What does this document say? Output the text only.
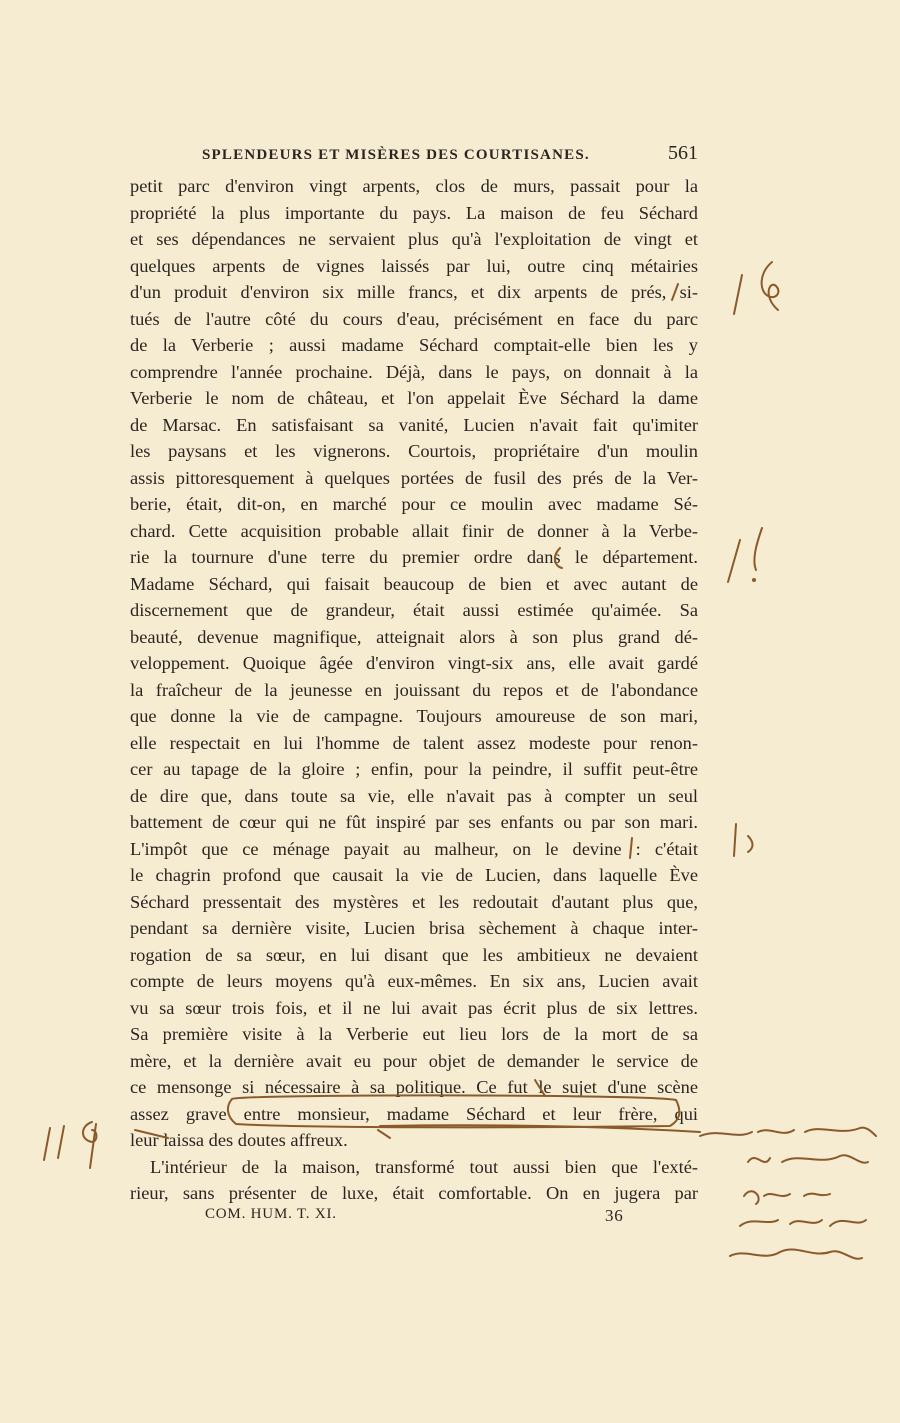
SPLENDEURS ET MISÈRES DES COURTISANES.	561
petit parc d'environ vingt arpents, clos de murs, passait pour la
propriété la plus importante du pays. La maison de feu Séchard
et ses dépendances ne servaient plus qu'à l'exploitation de vingt et
quelques arpents de vignes laissés par lui, outre cinq métairies
d'un produit d'environ six mille francs, et dix arpents de prés, si-
tués de l'autre côté du cours d'eau, précisément en face du parc
de la Verberie ; aussi madame Séchard comptait-elle bien les y
comprendre l'année prochaine. Déjà, dans le pays, on donnait à la
Verberie le nom de château, et l'on appelait Ève Séchard la dame
de Marsac. En satisfaisant sa vanité, Lucien n'avait fait qu'imiter
les paysans et les vignerons. Courtois, propriétaire d'un moulin
assis pittoresquement à quelques portées de fusil des prés de la Ver-
berie, était, dit-on, en marché pour ce moulin avec madame Sé-
chard. Cette acquisition probable allait finir de donner à la Verbe-
rie la tournure d'une terre du premier ordre dans le département.
Madame Séchard, qui faisait beaucoup de bien et avec autant de
discernement que de grandeur, était aussi estimée qu'aimée. Sa
beauté, devenue magnifique, atteignait alors à son plus grand dé-
veloppement. Quoique âgée d'environ vingt-six ans, elle avait gardé
la fraîcheur de la jeunesse en jouissant du repos et de l'abondance
que donne la vie de campagne. Toujours amoureuse de son mari,
elle respectait en lui l'homme de talent assez modeste pour renon-
cer au tapage de la gloire ; enfin, pour la peindre, il suffit peut-être
de dire que, dans toute sa vie, elle n'avait pas à compter un seul
battement de cœur qui ne fût inspiré par ses enfants ou par son mari.
L'impôt que ce ménage payait au malheur, on le devine : c'était
le chagrin profond que causait la vie de Lucien, dans laquelle Ève
Séchard pressentait des mystères et les redoutait d'autant plus que,
pendant sa dernière visite, Lucien brisa sèchement à chaque inter-
rogation de sa sœur, en lui disant que les ambitieux ne devaient
compte de leurs moyens qu'à eux-mêmes. En six ans, Lucien avait
vu sa sœur trois fois, et il ne lui avait pas écrit plus de six lettres.
Sa première visite à la Verberie eut lieu lors de la mort de sa
mère, et la dernière avait eu pour objet de demander le service de
ce mensonge si nécessaire à sa politique. Ce fut le sujet d'une scène
assez grave entre monsieur, madame Séchard et leur frère, qui
leur laissa des doutes affreux.
L'intérieur de la maison, transformé tout aussi bien que l'exté-
rieur, sans présenter de luxe, était comfortable. On en jugera par
COM. HUM. T. XI.	36
